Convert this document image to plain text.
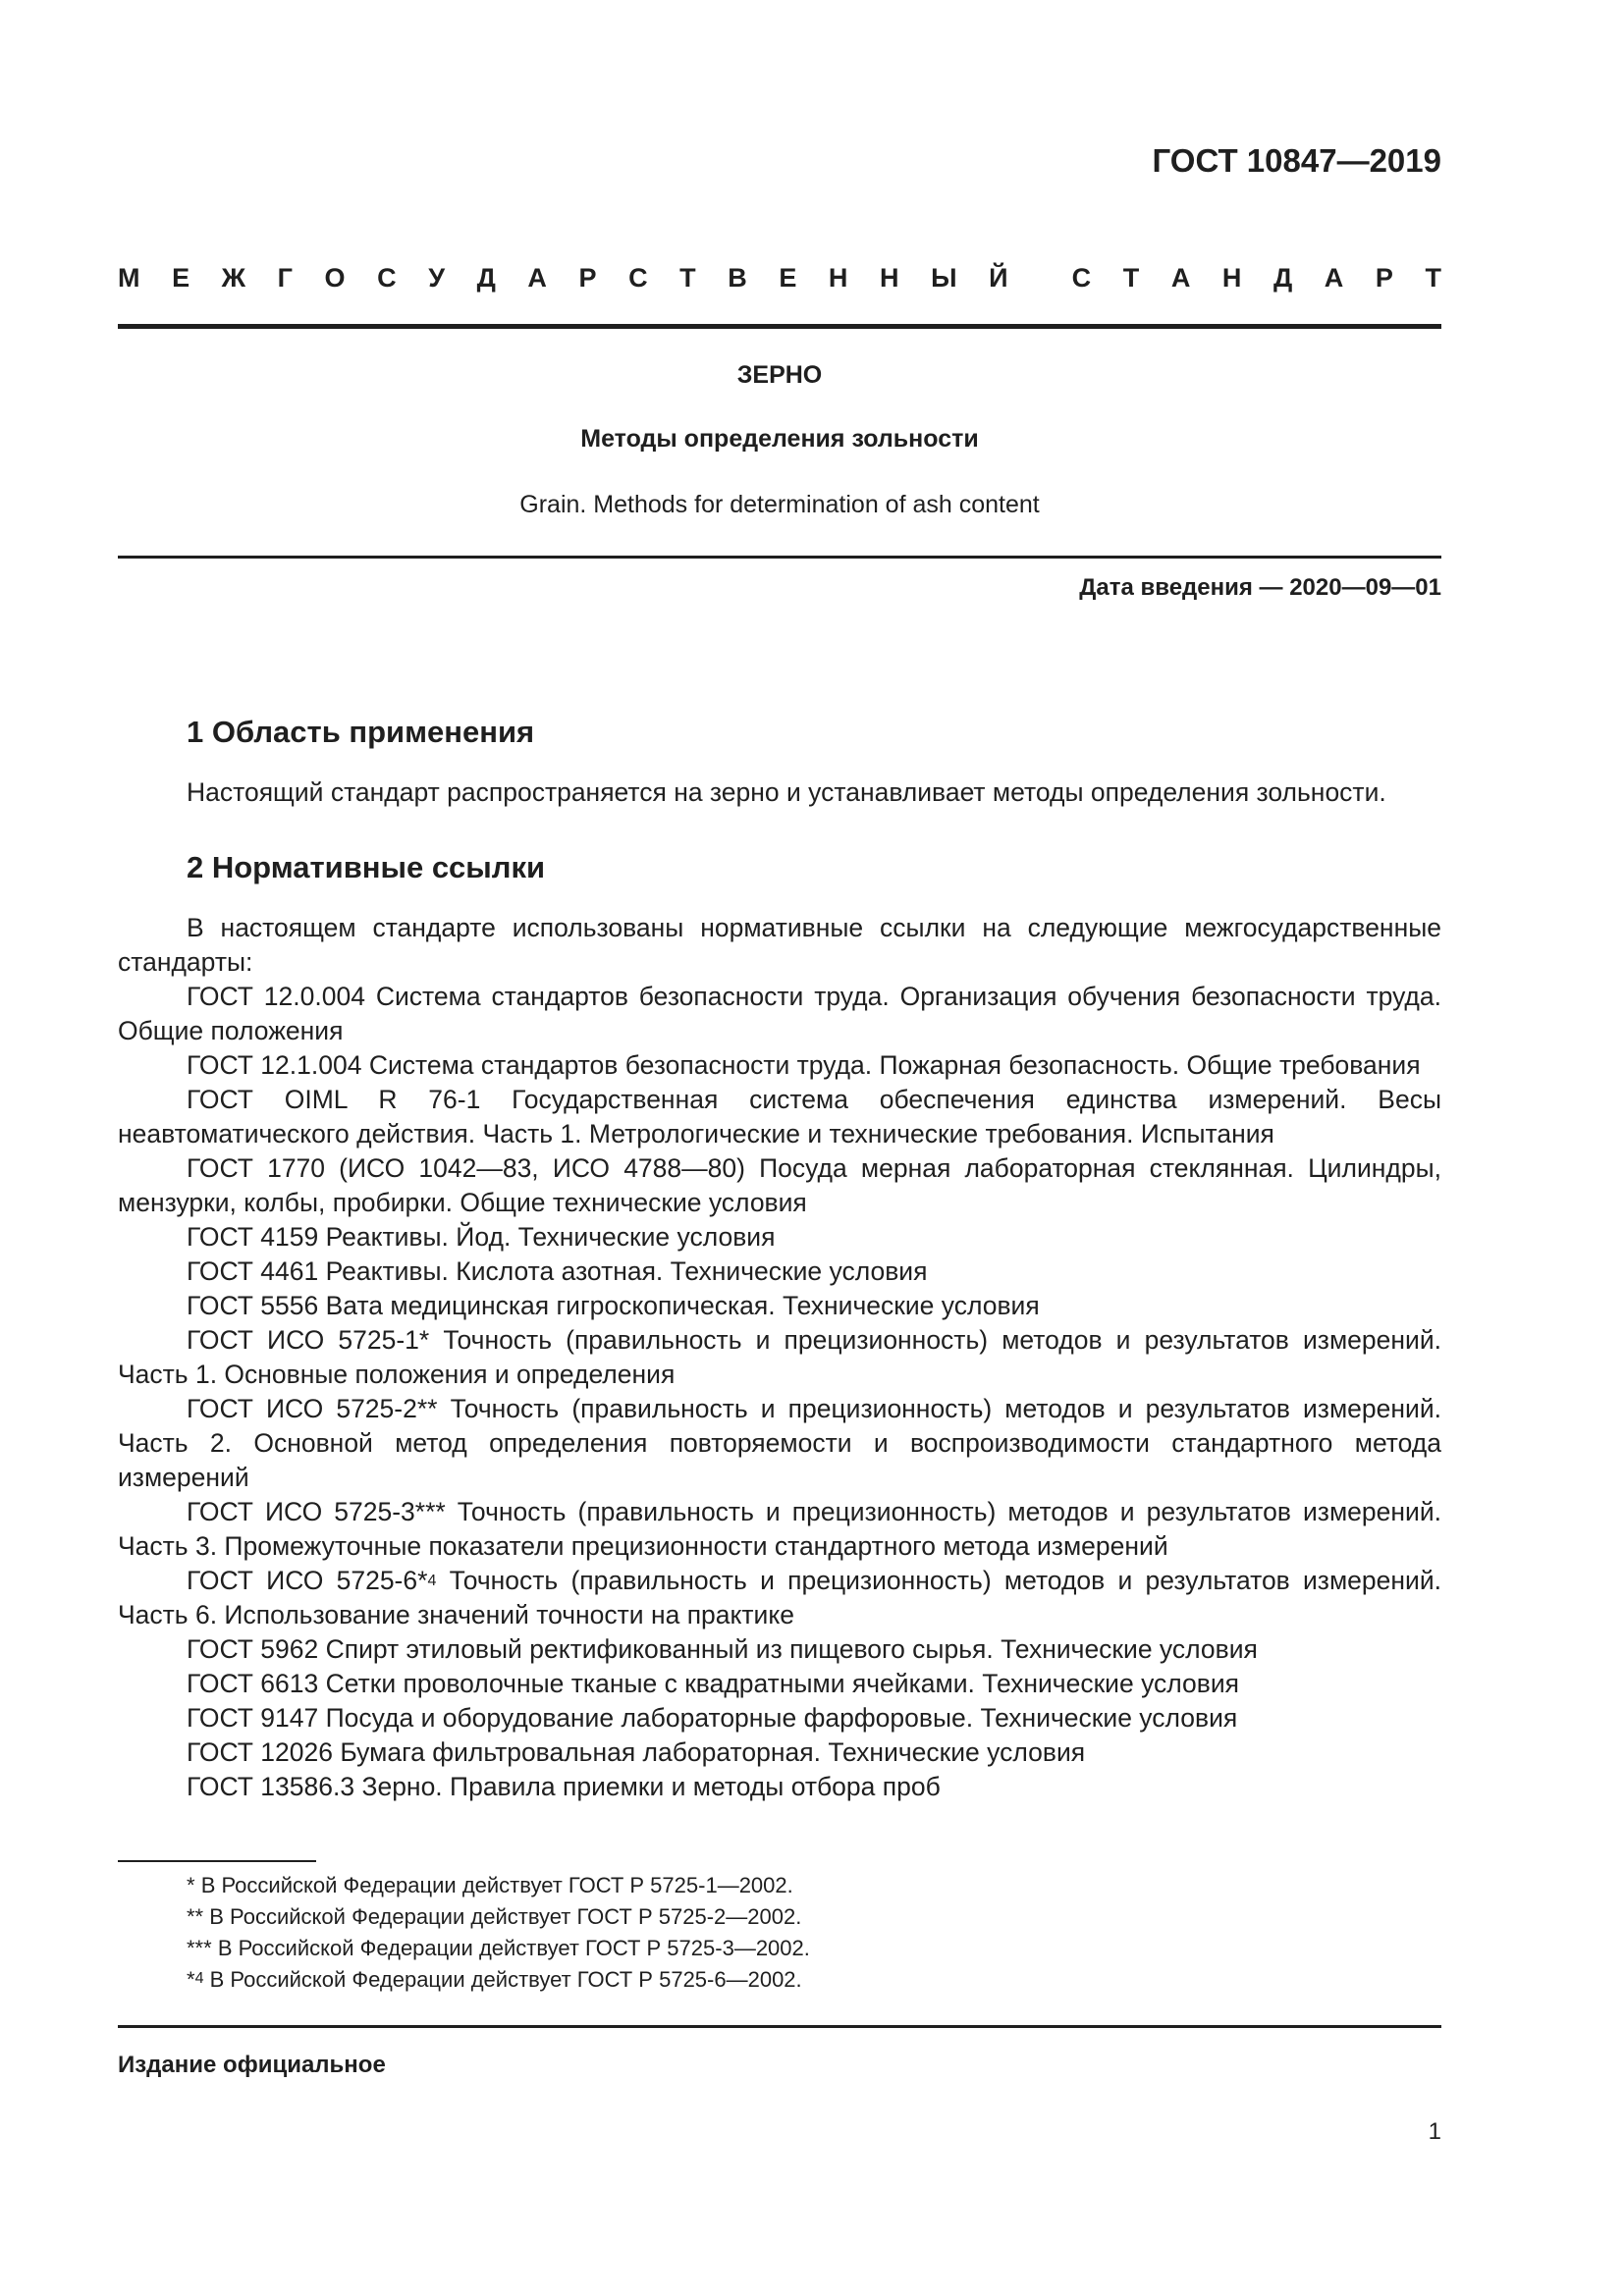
ГОСТ 10847—2019
М Е Ж Г О С У Д А Р С Т В Е Н Н Ы Й С Т А Н Д А Р Т
ЗЕРНО
Методы определения зольности
Grain. Methods for determination of ash content
Дата введения — 2020—09—01
1 Область применения

Настоящий стандарт распространяется на зерно и устанавливает методы определения зольности.

2 Нормативные ссылки

В настоящем стандарте использованы нормативные ссылки на следующие межгосударственные стандарты:

ГОСТ 12.0.004 Система стандартов безопасности труда. Организация обучения безопасности труда. Общие положения

ГОСТ 12.1.004 Система стандартов безопасности труда. Пожарная безопасность. Общие требования

ГОСТ OIML R 76-1 Государственная система обеспечения единства измерений. Весы неавтоматического действия. Часть 1. Метрологические и технические требования. Испытания

ГОСТ 1770 (ИСО 1042—83, ИСО 4788—80) Посуда мерная лабораторная стеклянная. Цилиндры, мензурки, колбы, пробирки. Общие технические условия

ГОСТ 4159 Реактивы. Йод. Технические условия

ГОСТ 4461 Реактивы. Кислота азотная. Технические условия

ГОСТ 5556 Вата медицинская гигроскопическая. Технические условия

ГОСТ ИСО 5725-1* Точность (правильность и прецизионность) методов и результатов измерений. Часть 1. Основные положения и определения

ГОСТ ИСО 5725-2** Точность (правильность и прецизионность) методов и результатов измерений. Часть 2. Основной метод определения повторяемости и воспроизводимости стандартного метода измерений

ГОСТ ИСО 5725-3*** Точность (правильность и прецизионность) методов и результатов измерений. Часть 3. Промежуточные показатели прецизионности стандартного метода измерений

ГОСТ ИСО 5725-6*$^4$ Точность (правильность и прецизионность) методов и результатов измерений. Часть 6. Использование значений точности на практике

ГОСТ 5962 Спирт этиловый ректификованный из пищевого сырья. Технические условия

ГОСТ 6613 Сетки проволочные тканые с квадратными ячейками. Технические условия

ГОСТ 9147 Посуда и оборудование лабораторные фарфоровые. Технические условия

ГОСТ 12026 Бумага фильтровальная лабораторная. Технические условия

ГОСТ 13586.3 Зерно. Правила приемки и методы отбора проб

* В Российской Федерации действует ГОСТ Р 5725-1—2002.
** В Российской Федерации действует ГОСТ Р 5725-2—2002.
*** В Российской Федерации действует ГОСТ Р 5725-3—2002.
*$^4$ В Российской Федерации действует ГОСТ Р 5725-6—2002.
Издание официальное
1
